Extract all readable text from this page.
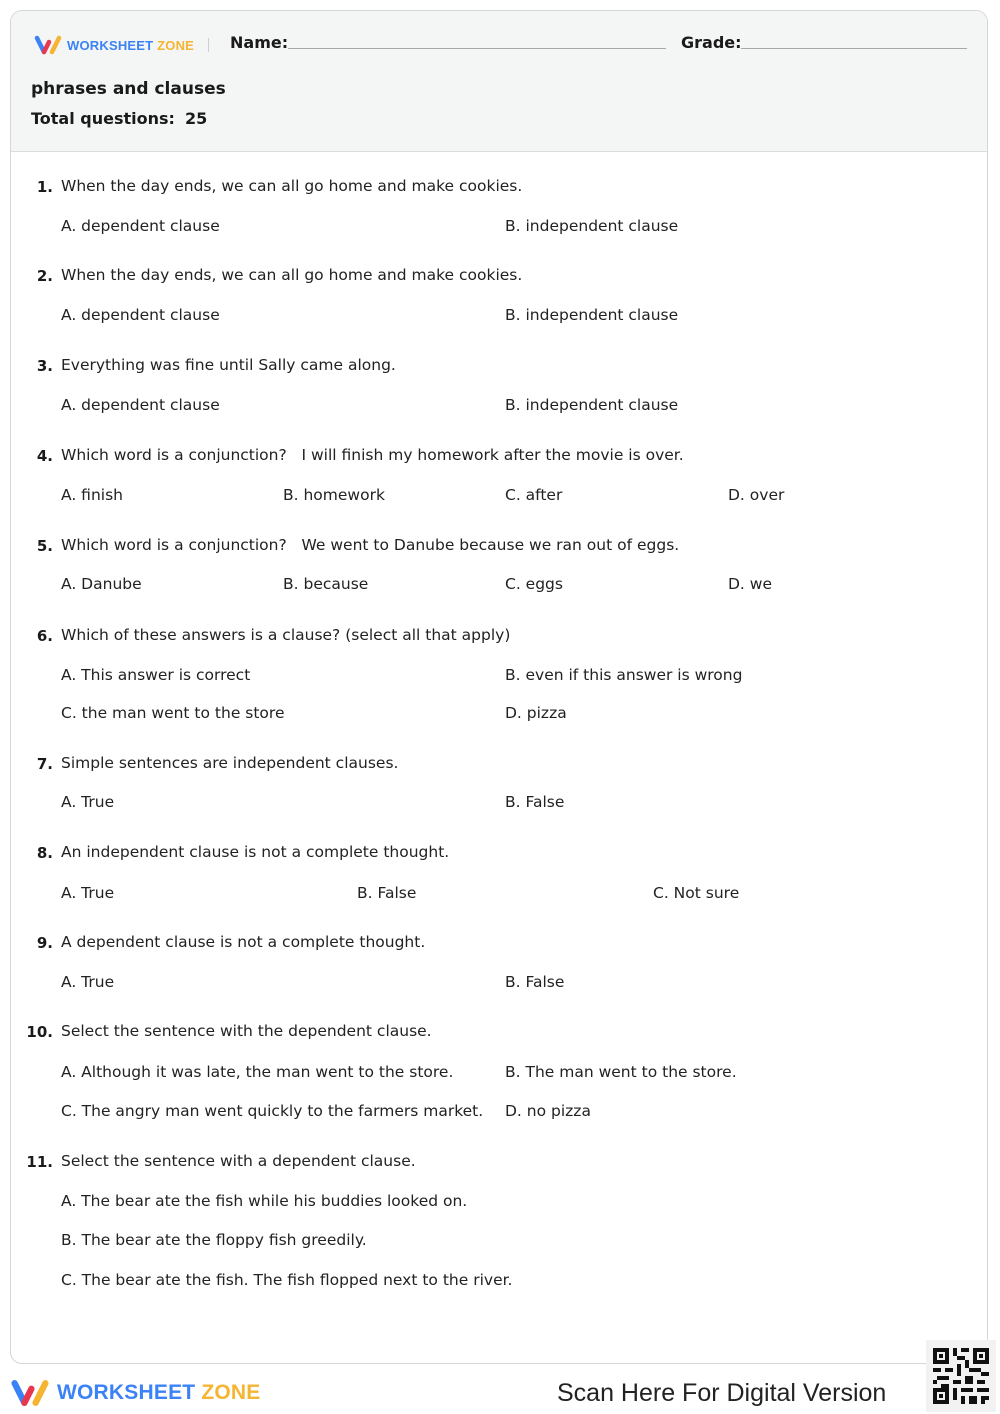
WORKSHEET ZONE Name:	Grade:
phrases and clauses
Total questions: 25
1. When the day ends, we can all go home and make cookies.
A. dependent clause	B. independent clause
2. When the day ends, we can all go home and make cookies.
A. dependent clause	B. independent clause
3. Everything was fine until Sally came along.
A. dependent clause	B. independent clause
4. Which word is a conjunction?   I will finish my homework after the movie is over.
A. finish	B. homework	C. after	D. over
5. Which word is a conjunction?   We went to Danube because we ran out of eggs.
A. Danube	B. because	C. eggs	D. we
6. Which of these answers is a clause? (select all that apply)
A. This answer is correct	B. even if this answer is wrong
C. the man went to the store	D. pizza
7. Simple sentences are independent clauses.
A. True	B. False
8. An independent clause is not a complete thought.
A. True	B. False	C. Not sure
9. A dependent clause is not a complete thought.
A. True	B. False
10. Select the sentence with the dependent clause.
A. Although it was late, the man went to the store.	B. The man went to the store.
C. The angry man went quickly to the farmers market. D. no pizza
11. Select the sentence with a dependent clause.
A. The bear ate the fish while his buddies looked on.
B. The bear ate the floppy fish greedily.
C. The bear ate the fish. The fish flopped next to the river.
WORKSHEET ZONE	Scan Here For Digital Version
